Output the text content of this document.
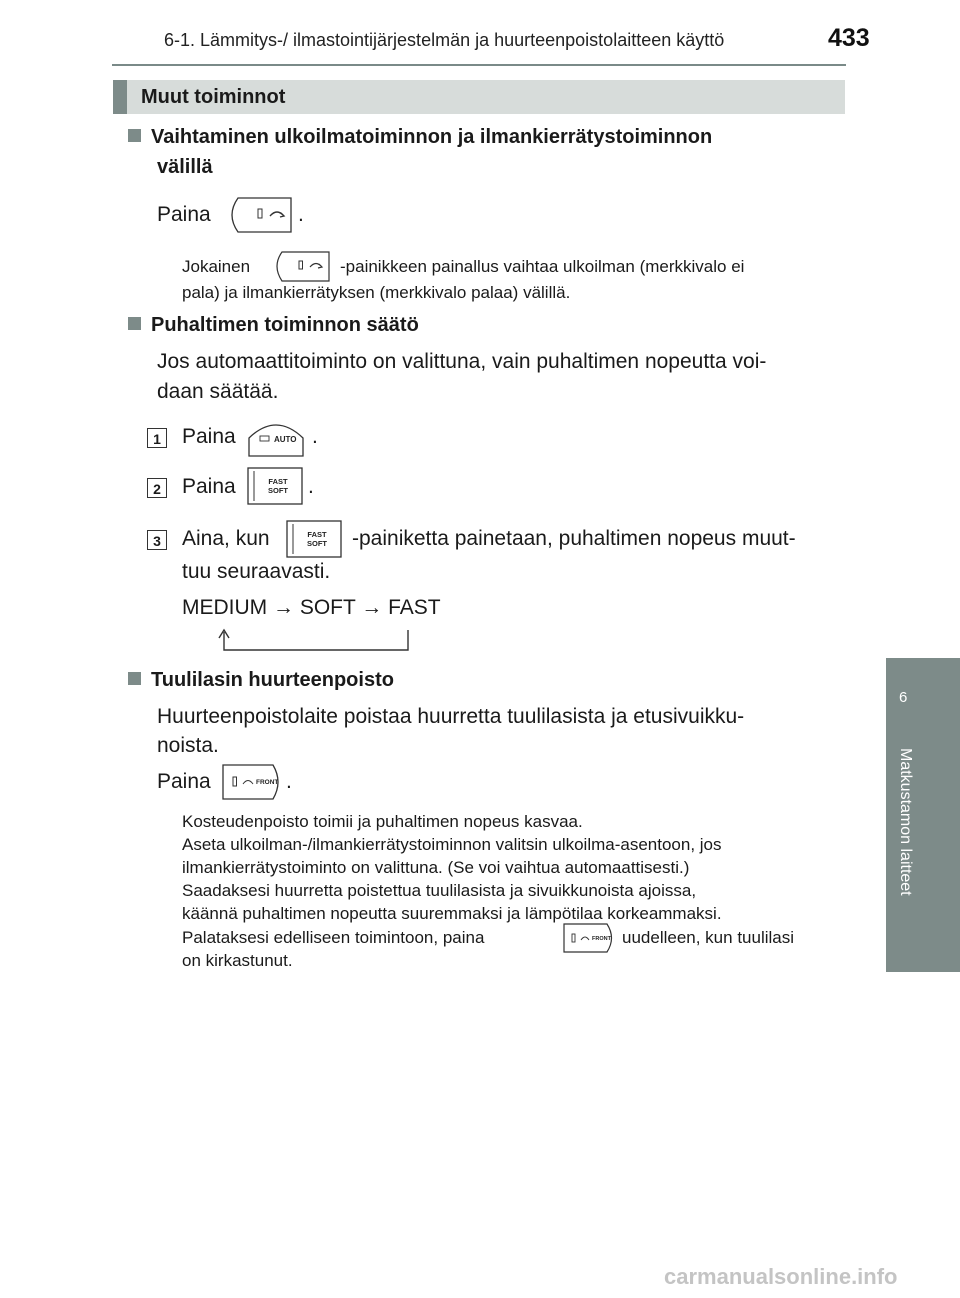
6-1. Lämmitys-/ ilmastointijärjestelmän ja huurteenpoistolaitteen käyttö	433
6
Matkustamon laitteet
Muut toiminnot
Vaihtaminen ulkoilmatoiminnon ja ilmankierrätystoiminnon
välillä
Paina	.
Jokainen	-painikkeen painallus vaihtaa ulkoilman (merkkivalo ei
pala) ja ilmankierrätyksen (merkkivalo palaa) välillä.
Puhaltimen toiminnon säätö
Jos automaattitoiminto on valittuna, vain puhaltimen nopeutta voi-
daan säätää.
1 Paina	AUTO .
2 Paina	FAST
SOFT .
3 Aina, kun	FAST
SOFT -painiketta painetaan, puhaltimen nopeus muut-
tuu seuraavasti.
MEDIUM → SOFT → FAST
Tuulilasin huurteenpoisto
Huurteenpoistolaite poistaa huurretta tuulilasista ja etusivuikku-
noista.
Paina	FRONT .
Kosteudenpoisto toimii ja puhaltimen nopeus kasvaa.
Aseta ulkoilman-/ilmankierrätystoiminnon valitsin ulkoilma-asentoon, jos
ilmankierrätystoiminto on valittuna. (Se voi vaihtua automaattisesti.)
Saadaksesi huurretta poistettua tuulilasista ja sivuikkunoista ajoissa,
käännä puhaltimen nopeutta suuremmaksi ja lämpötilaa korkeammaksi.
Palataksesi edelliseen toimintoon, paina	FRONT uudelleen, kun tuulilasi
on kirkastunut.
carmanualsonline.info
